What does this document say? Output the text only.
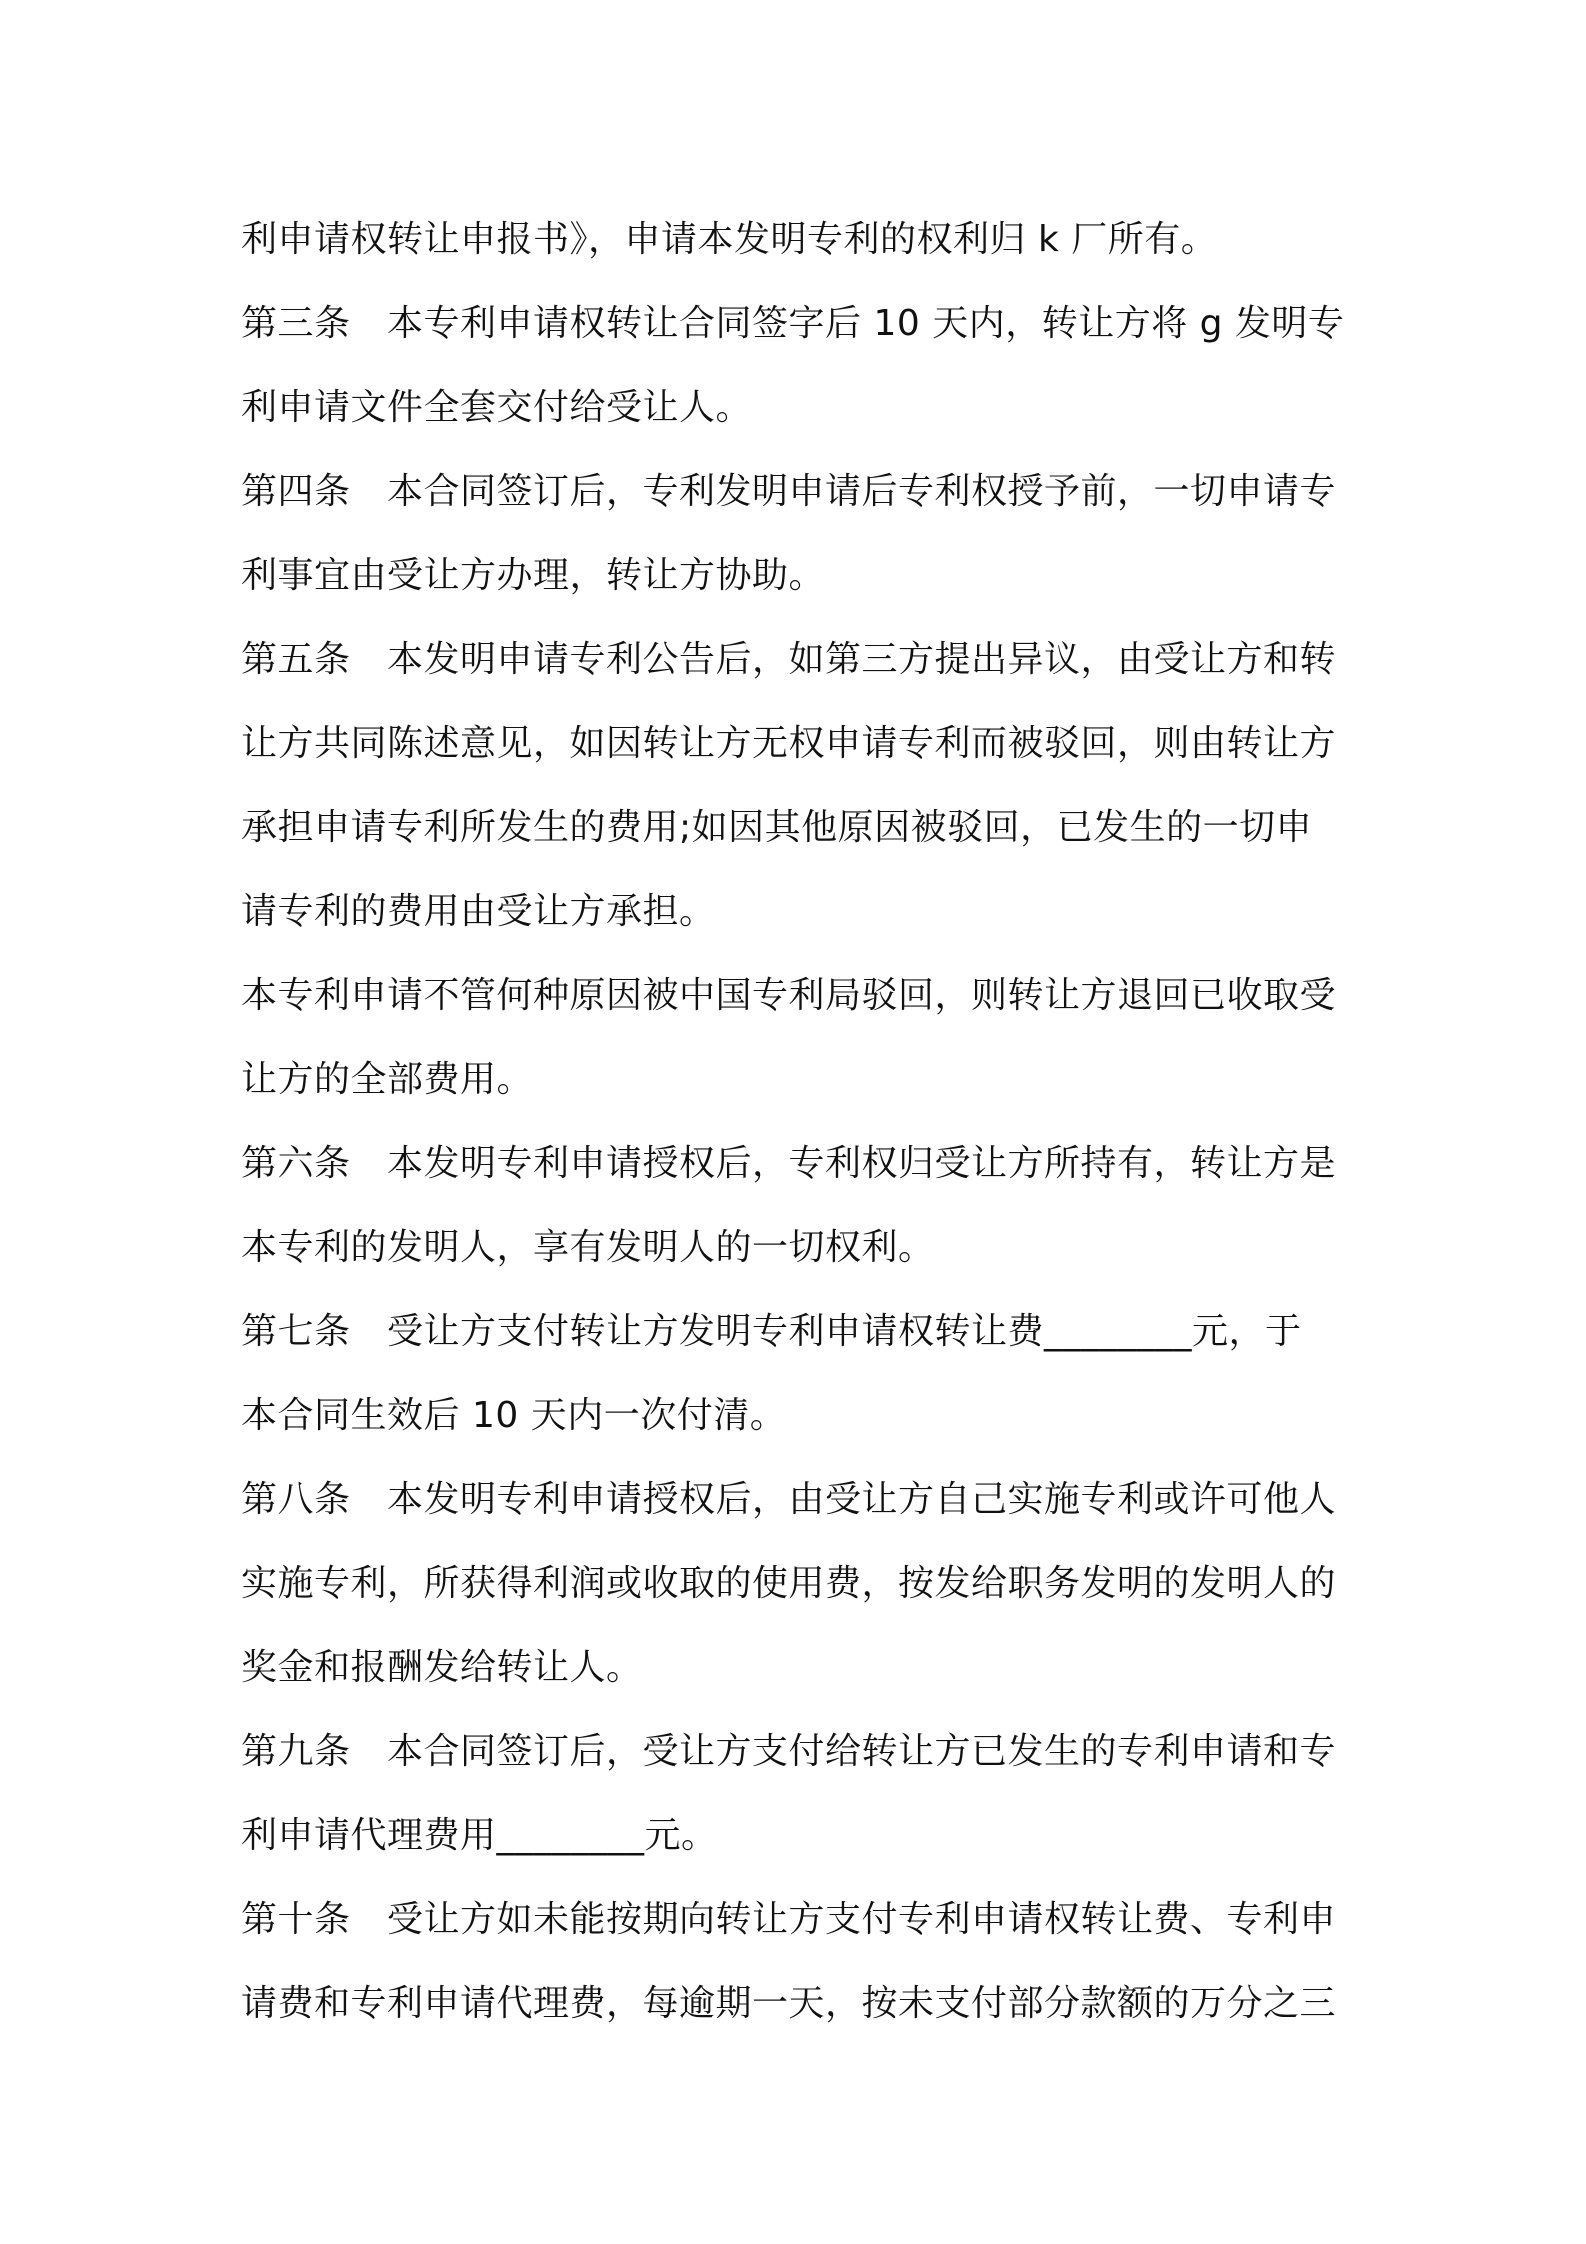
利申请权转让申报书》，申请本发明专利的权利归 k 厂所有。
第三条　本专利申请权转让合同签字后 10 天内，转让方将 g 发明专
利申请文件全套交付给受让人。
第四条　本合同签订后，专利发明申请后专利权授予前，一切申请专
利事宜由受让方办理，转让方协助。
第五条　本发明申请专利公告后，如第三方提出异议，由受让方和转
让方共同陈述意见，如因转让方无权申请专利而被驳回，则由转让方
承担申请专利所发生的费用;如因其他原因被驳回，已发生的一切申
请专利的费用由受让方承担。
本专利申请不管何种原因被中国专利局驳回，则转让方退回已收取受
让方的全部费用。
第六条　本发明专利申请授权后，专利权归受让方所持有，转让方是
本专利的发明人，享有发明人的一切权利。
第七条　受让方支付转让方发明专利申请权转让费________元，于
本合同生效后 10 天内一次付清。
第八条　本发明专利申请授权后，由受让方自己实施专利或许可他人
实施专利，所获得利润或收取的使用费，按发给职务发明的发明人的
奖金和报酬发给转让人。
第九条　本合同签订后，受让方支付给转让方已发生的专利申请和专
利申请代理费用________元。
第十条　受让方如未能按期向转让方支付专利申请权转让费、专利申
请费和专利申请代理费，每逾期一天，按未支付部分款额的万分之三
